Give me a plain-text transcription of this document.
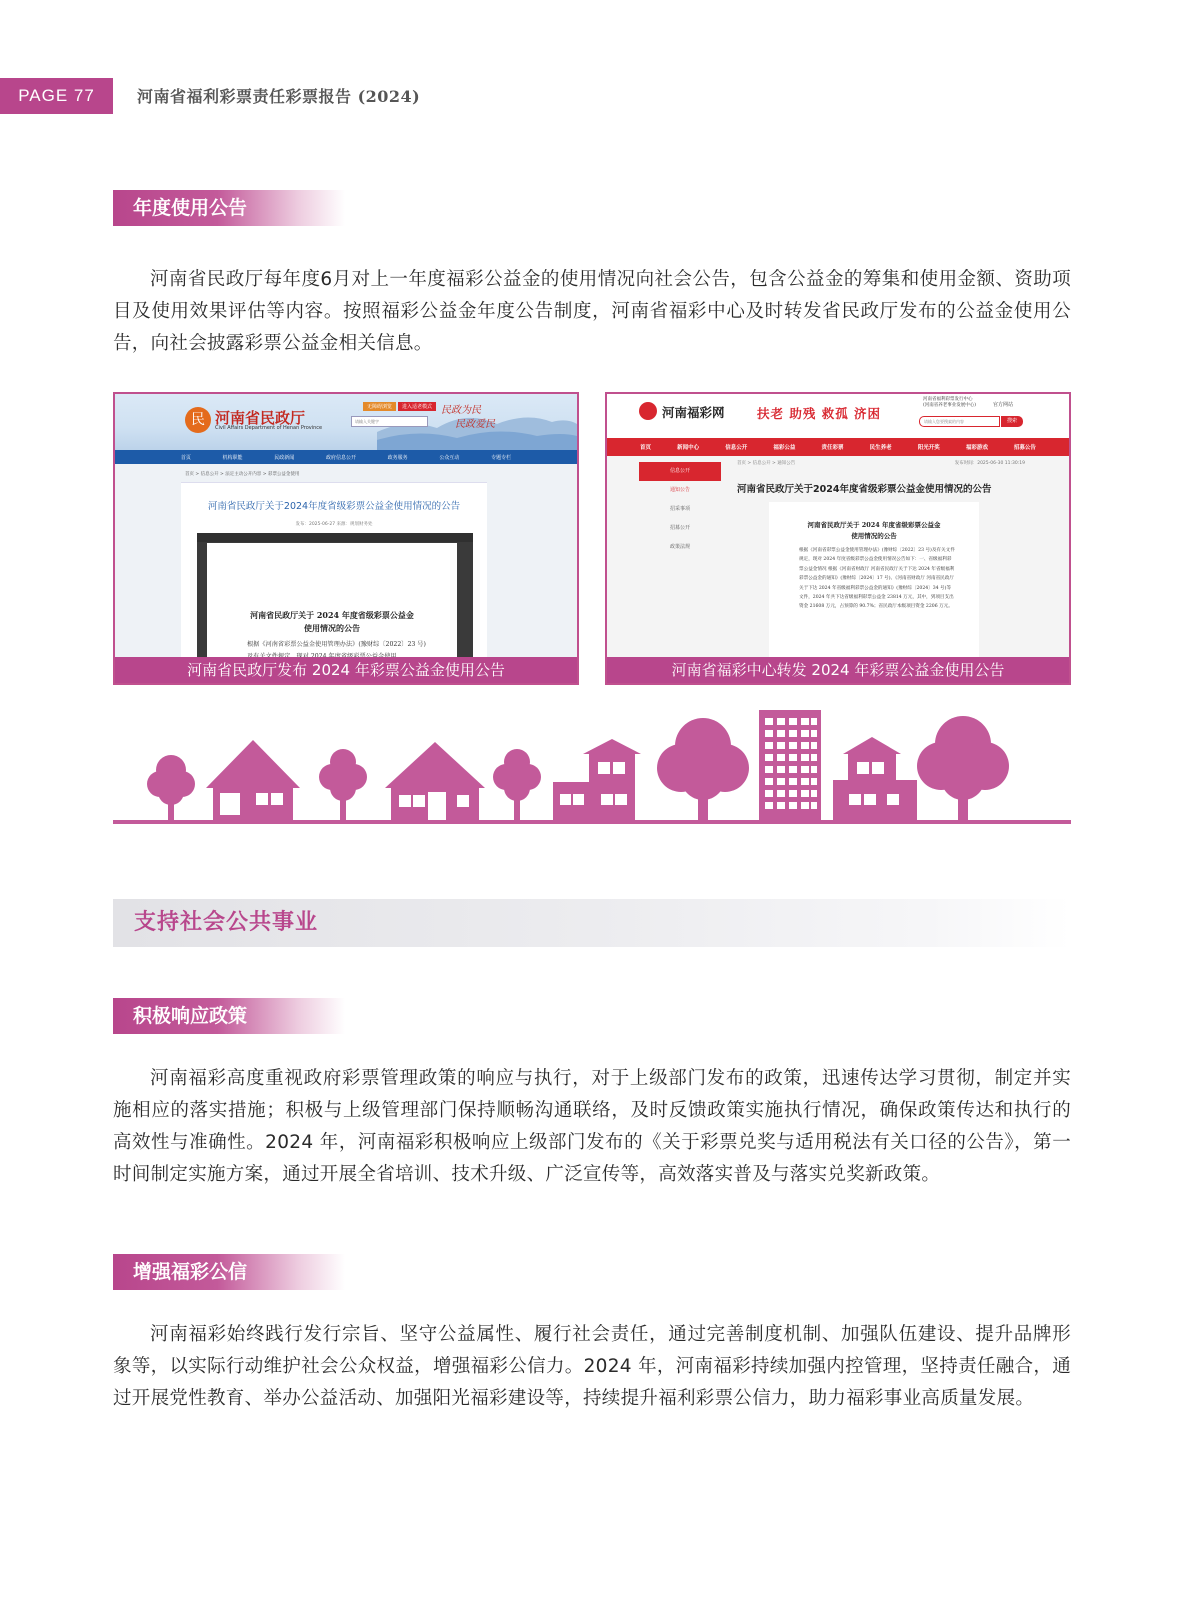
PAGE 77	河南省福利彩票责任彩票报告 (2024)
年度使用公告

河南省民政厅每年度6月对上一年度福彩公益金的使用情况向社会公告，包含公益金的筹集和使用金额、资助项目及使用效果评估等内容。按照福彩公益金年度公告制度，河南省福彩中心及时转发省民政厅发布的公益金使用公告，向社会披露彩票公益金相关信息。

民 河南省民政厅
Civil Affairs Department of Henan Province
无障碍浏览 进入适老模式
请输入关键字
民政为民
民政爱民
首页	机构职能	民政新闻	政府信息公开	政务服务	公众互动	专题专栏
首页 > 信息公开 > 法定主动公开内容 > 彩票公益金使用
河南省民政厅关于2024年度省级彩票公益金使用情况的公告
发布：2025-06-27 来源：规划财务处
河南省民政厅关于 2024 年度省级彩票公益金
使用情况的公告
根据《河南省彩票公益金使用管理办法》(豫财综〔2022〕23 号)
河南省民政厅发布 2024 年彩票公益金使用公告
河南福彩网	扶老 助残 救孤 济困
河南省福利彩票发行中心
(河南省养老事业发展中心)	官方网站
请输入您要搜索的内容	搜索
首页	新闻中心	信息公开	福彩公益	责任彩票	民生养老	阳光开奖	福彩游戏	招募公告
信息公开
通知公告
招采事项
招募公开
政策法规
首页 > 信息公开 > 通知公告	发布时间：2025-06-30 11:30:19
河南省民政厅关于2024年度省级彩票公益金使用情况的公告
河南省民政厅关于 2024 年度省级彩票公益金
使用情况的公告
根据《河南省彩票公益金使用管理办法》(豫财综〔2022〕23 号)及有关文件规定，现对 2024 年度省级彩票公益金使用情况公告如下：一、省级福利彩票公益金情况 根据《河南省财政厅 河南省民政厅关于下达 2024 年省级福利彩票公益金的通知》(豫财综〔2024〕17 号)、《河南省财政厅 河南省民政厅关于下达 2024 年省级福利彩票公益金的通知》(豫财综〔2024〕34 号)等文件，2024 年共下达省级福利彩票公益金 23814 万元，其中，到项目支出资金 21608 万元，占预算的 90.7%；省民政厅本级项目资金 2206 万元。
河南省福彩中心转发 2024 年彩票公益金使用公告
支持社会公共事业
积极响应政策

河南福彩高度重视政府彩票管理政策的响应与执行，对于上级部门发布的政策，迅速传达学习贯彻，制定并实施相应的落实措施；积极与上级管理部门保持顺畅沟通联络，及时反馈政策实施执行情况，确保政策传达和执行的高效性与准确性。2024 年，河南福彩积极响应上级部门发布的《关于彩票兑奖与适用税法有关口径的公告》，第一时间制定实施方案，通过开展全省培训、技术升级、广泛宣传等，高效落实普及与落实兑奖新政策。

增强福彩公信

河南福彩始终践行发行宗旨、坚守公益属性、履行社会责任，通过完善制度机制、加强队伍建设、提升品牌形象等，以实际行动维护社会公众权益，增强福彩公信力。2024 年，河南福彩持续加强内控管理，坚持责任融合，通过开展党性教育、举办公益活动、加强阳光福彩建设等，持续提升福利彩票公信力，助力福彩事业高质量发展。
